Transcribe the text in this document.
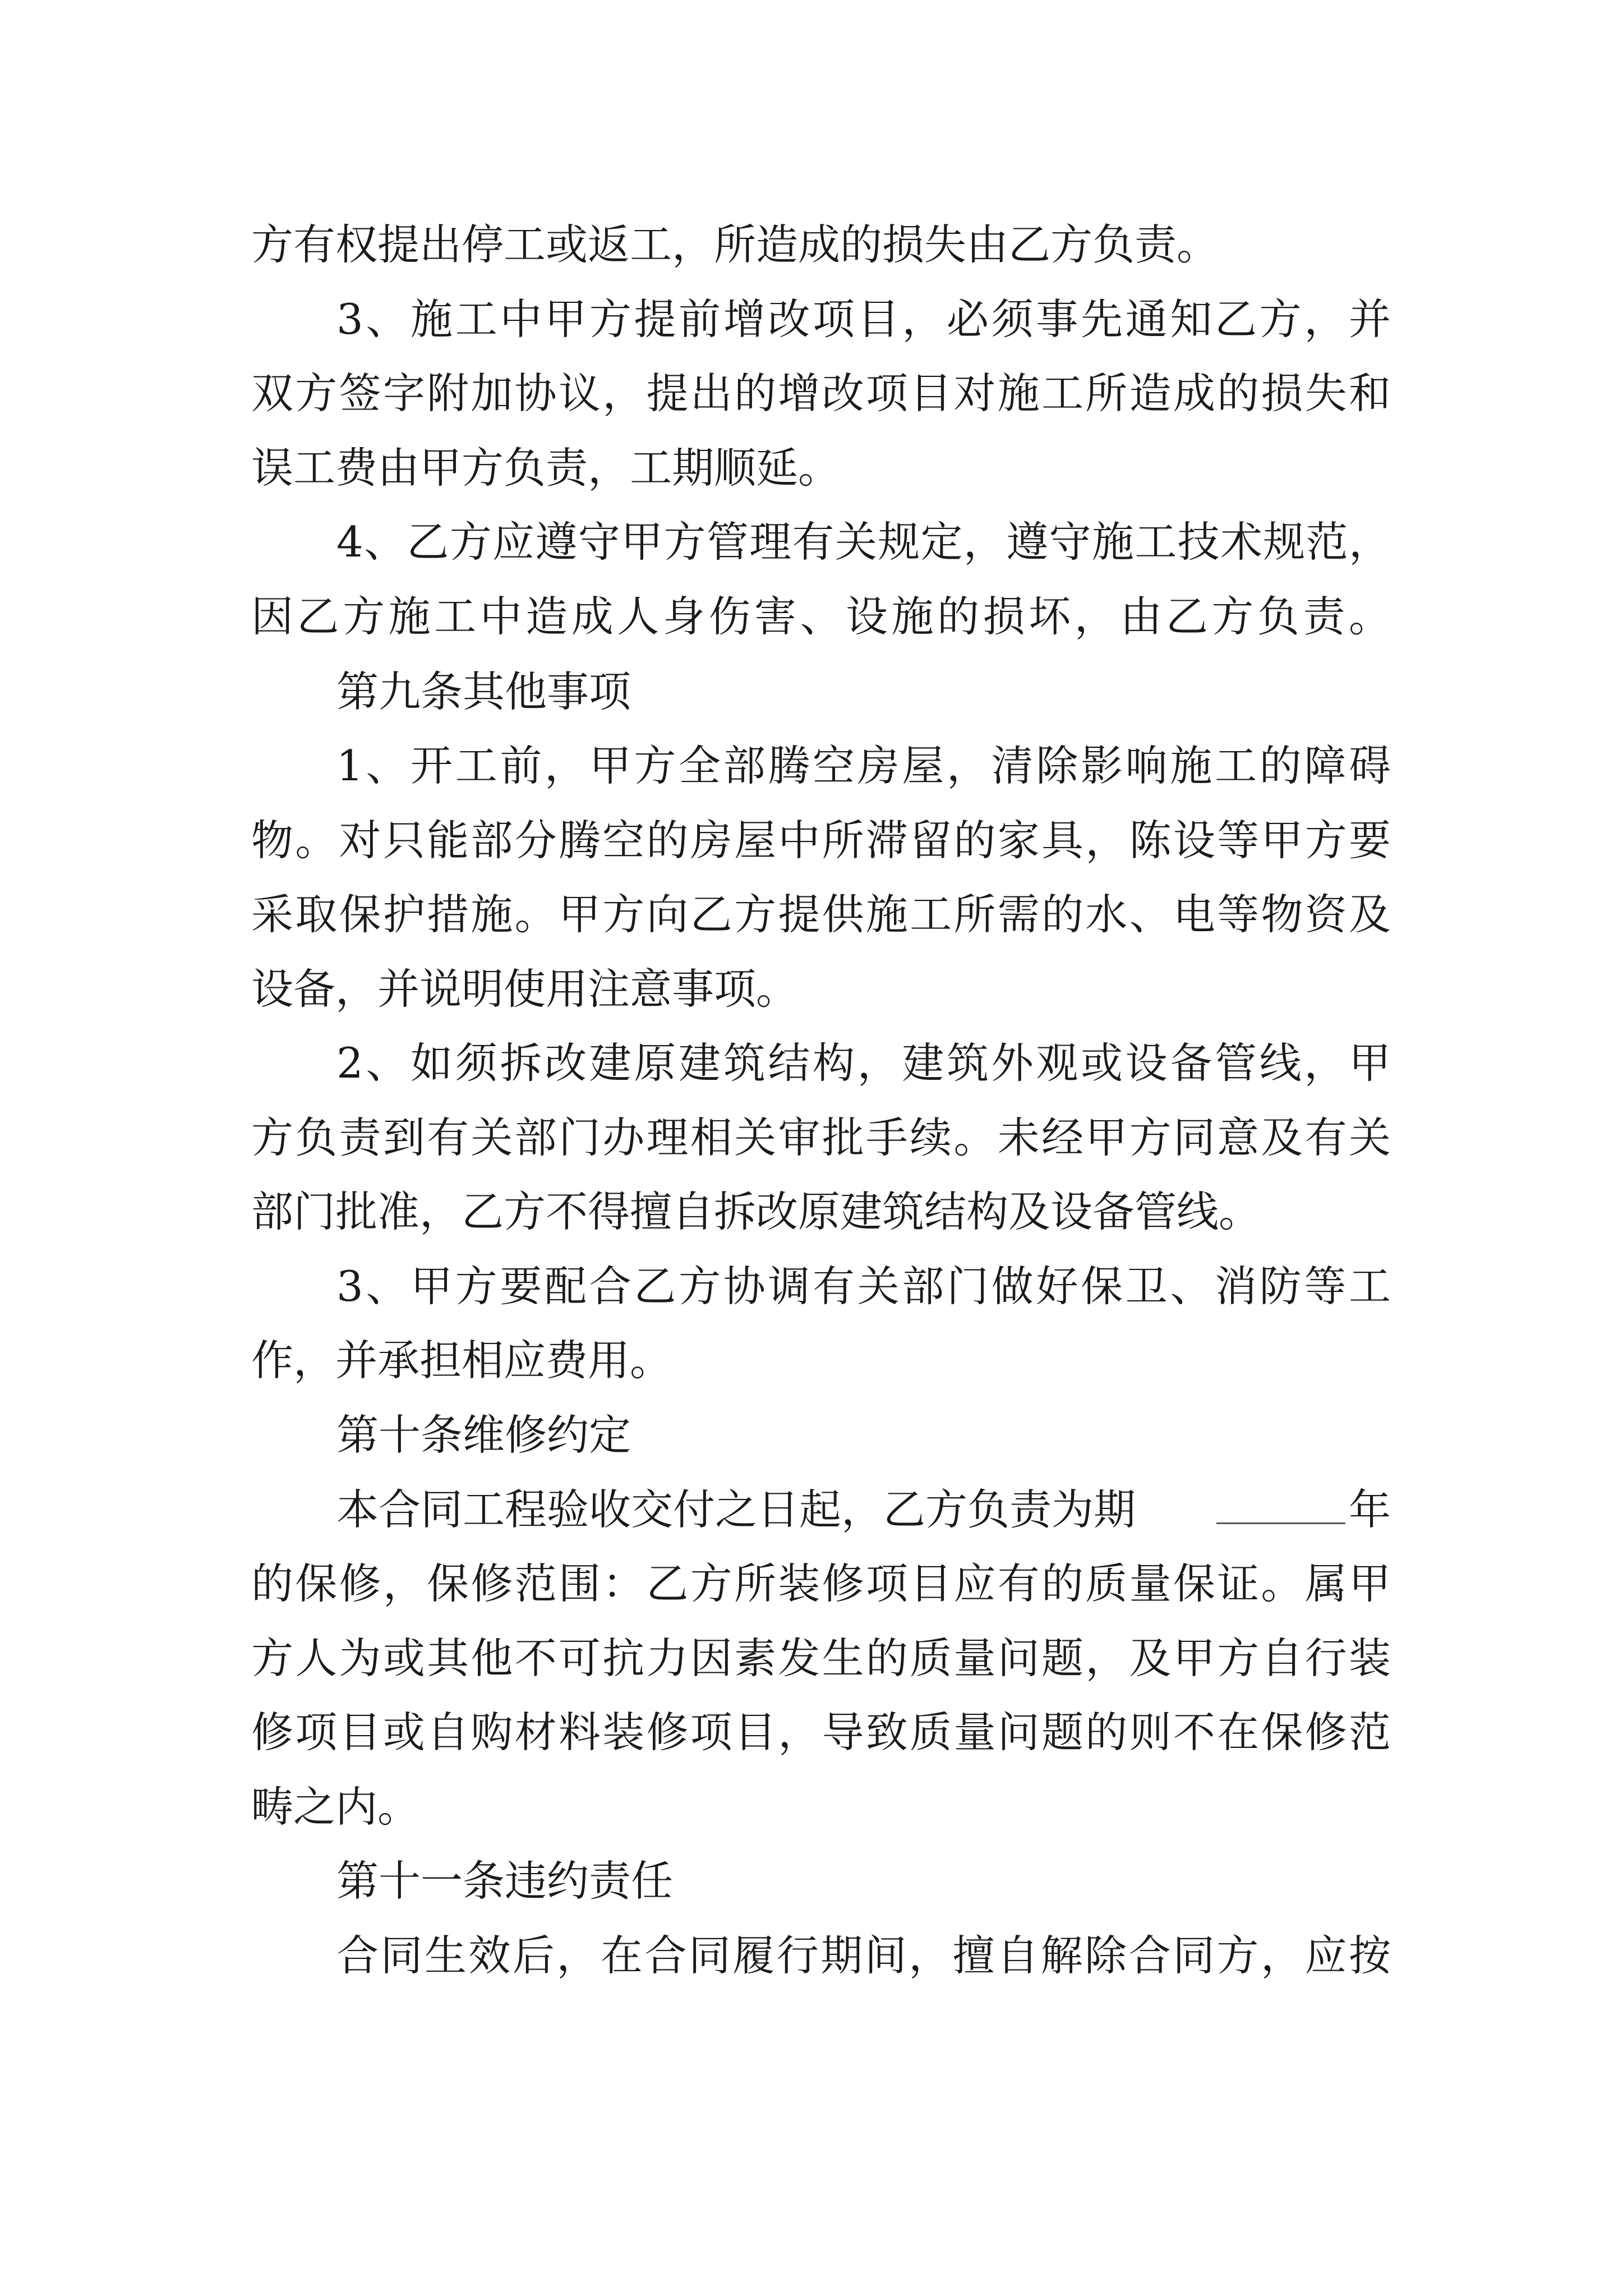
方有权提出停工或返工，所造成的损失由乙方负责。
3、施工中甲方提前增改项目，必须事先通知乙方，并
双方签字附加协议，提出的增改项目对施工所造成的损失和
误工费由甲方负责，工期顺延。
4、乙方应遵守甲方管理有关规定，遵守施工技术规范，
因乙方施工中造成人身伤害、设施的损坏，由乙方负责。
第九条其他事项
1、开工前，甲方全部腾空房屋，清除影响施工的障碍
物。对只能部分腾空的房屋中所滞留的家具，陈设等甲方要
采取保护措施。甲方向乙方提供施工所需的水、电等物资及
设备，并说明使用注意事项。
2、如须拆改建原建筑结构，建筑外观或设备管线，甲
方负责到有关部门办理相关审批手续。未经甲方同意及有关
部门批准，乙方不得擅自拆改原建筑结构及设备管线。
3、甲方要配合乙方协调有关部门做好保卫、消防等工
作，并承担相应费用。
第十条维修约定
本合同工程验收交付之日起，乙方负责为期	年
的保修，保修范围：乙方所装修项目应有的质量保证。属甲
方人为或其他不可抗力因素发生的质量问题，及甲方自行装
修项目或自购材料装修项目，导致质量问题的则不在保修范
畴之内。
第十一条违约责任
合同生效后，在合同履行期间，擅自解除合同方，应按
